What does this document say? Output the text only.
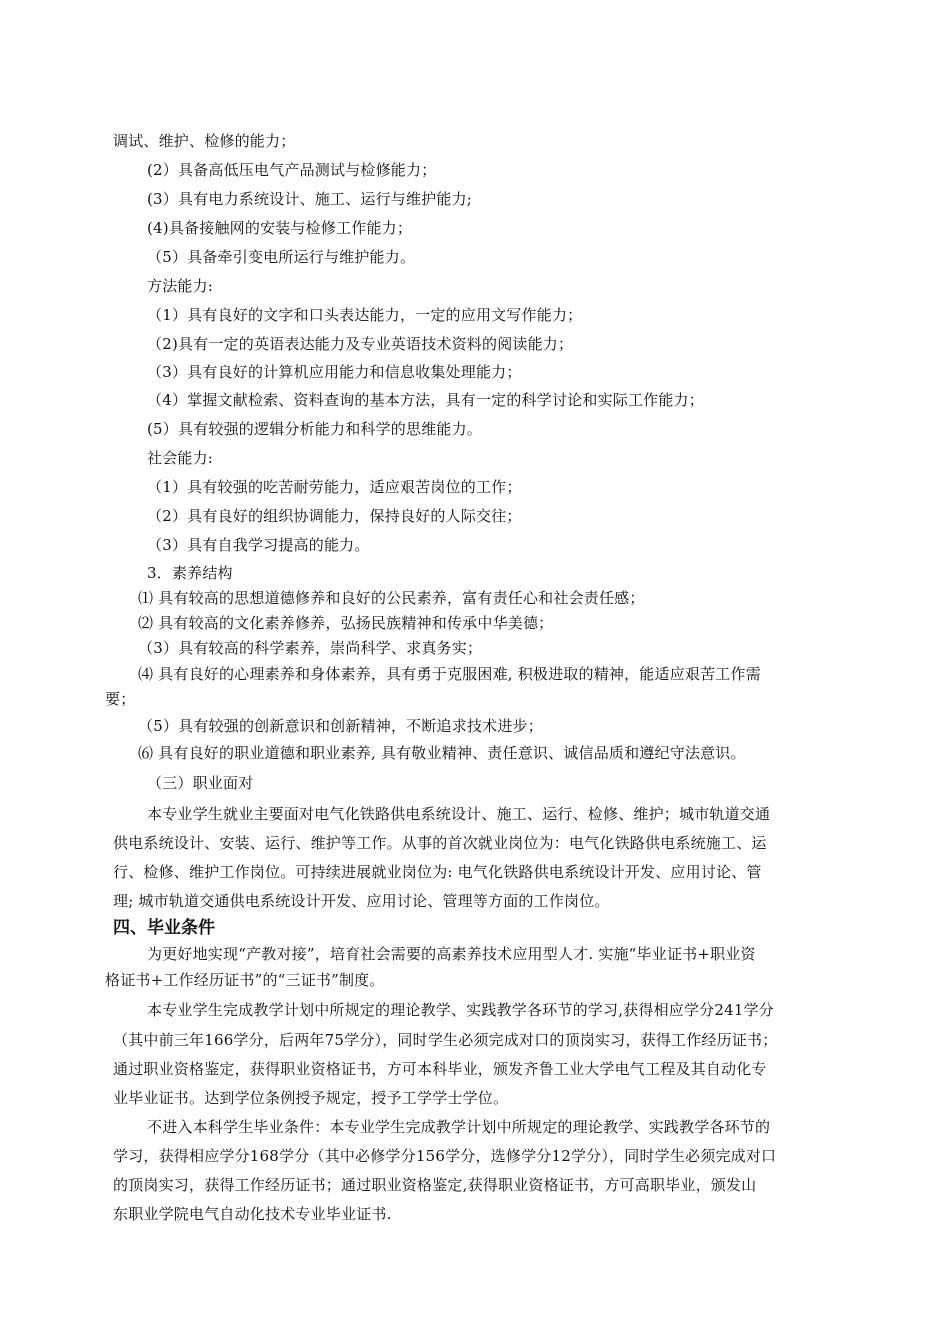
调试、维护、检修的能力；
(2）具备高低压电气产品测试与检修能力；
(3）具有电力系统设计、施工、运行与维护能力;
(4)具备接触网的安装与检修工作能力；
（5）具备牵引变电所运行与维护能力。
方法能力:
（1）具有良好的文字和口头表达能力，一定的应用文写作能力；
（2)具有一定的英语表达能力及专业英语技术资料的阅读能力；
（3）具有良好的计算机应用能力和信息收集处理能力；
（4）掌握文献检索、资料查询的基本方法，具有一定的科学讨论和实际工作能力；
(5）具有较强的逻辑分析能力和科学的思维能力。
社会能力:
（1）具有较强的吃苦耐劳能力，适应艰苦岗位的工作；
（2）具有良好的组织协调能力，保持良好的人际交往；
（3）具有自我学习提高的能力。
3．素养结构
⑴ 具有较高的思想道德修养和良好的公民素养，富有责任心和社会责任感；
⑵ 具有较高的文化素养修养，弘扬民族精神和传承中华美德；
（3）具有较高的科学素养，崇尚科学、求真务实；
⑷ 具有良好的心理素养和身体素养，具有勇于克服困难, 积极进取的精神，能适应艰苦工作需
要；
（5）具有较强的创新意识和创新精神，不断追求技术进步；
⑹ 具有良好的职业道德和职业素养, 具有敬业精神、责任意识、诚信品质和遵纪守法意识。
（三）职业面对
本专业学生就业主要面对电气化铁路供电系统设计、施工、运行、检修、维护；城市轨道交通
供电系统设计、安装、运行、维护等工作。从事的首次就业岗位为：电气化铁路供电系统施工、运
行、检修、维护工作岗位。可持续进展就业岗位为: 电气化铁路供电系统设计开发、应用讨论、管
理; 城市轨道交通供电系统设计开发、应用讨论、管理等方面的工作岗位。
四、毕业条件
为更好地实现“产教对接”，培育社会需要的高素养技术应用型人才. 实施“毕业证书+职业资
格证书+工作经历证书”的“三证书”制度。
本专业学生完成教学计划中所规定的理论教学、实践教学各环节的学习,获得相应学分241学分
（其中前三年166学分，后两年75学分），同时学生必须完成对口的顶岗实习，获得工作经历证书；
通过职业资格鉴定，获得职业资格证书，方可本科毕业，颁发齐鲁工业大学电气工程及其自动化专
业毕业证书。达到学位条例授予规定，授予工学学士学位。
不进入本科学生毕业条件：本专业学生完成教学计划中所规定的理论教学、实践教学各环节的
学习，获得相应学分168学分（其中必修学分156学分，选修学分12学分），同时学生必须完成对口
的顶岗实习，获得工作经历证书；通过职业资格鉴定,获得职业资格证书，方可高职毕业，颁发山
东职业学院电气自动化技术专业毕业证书.
